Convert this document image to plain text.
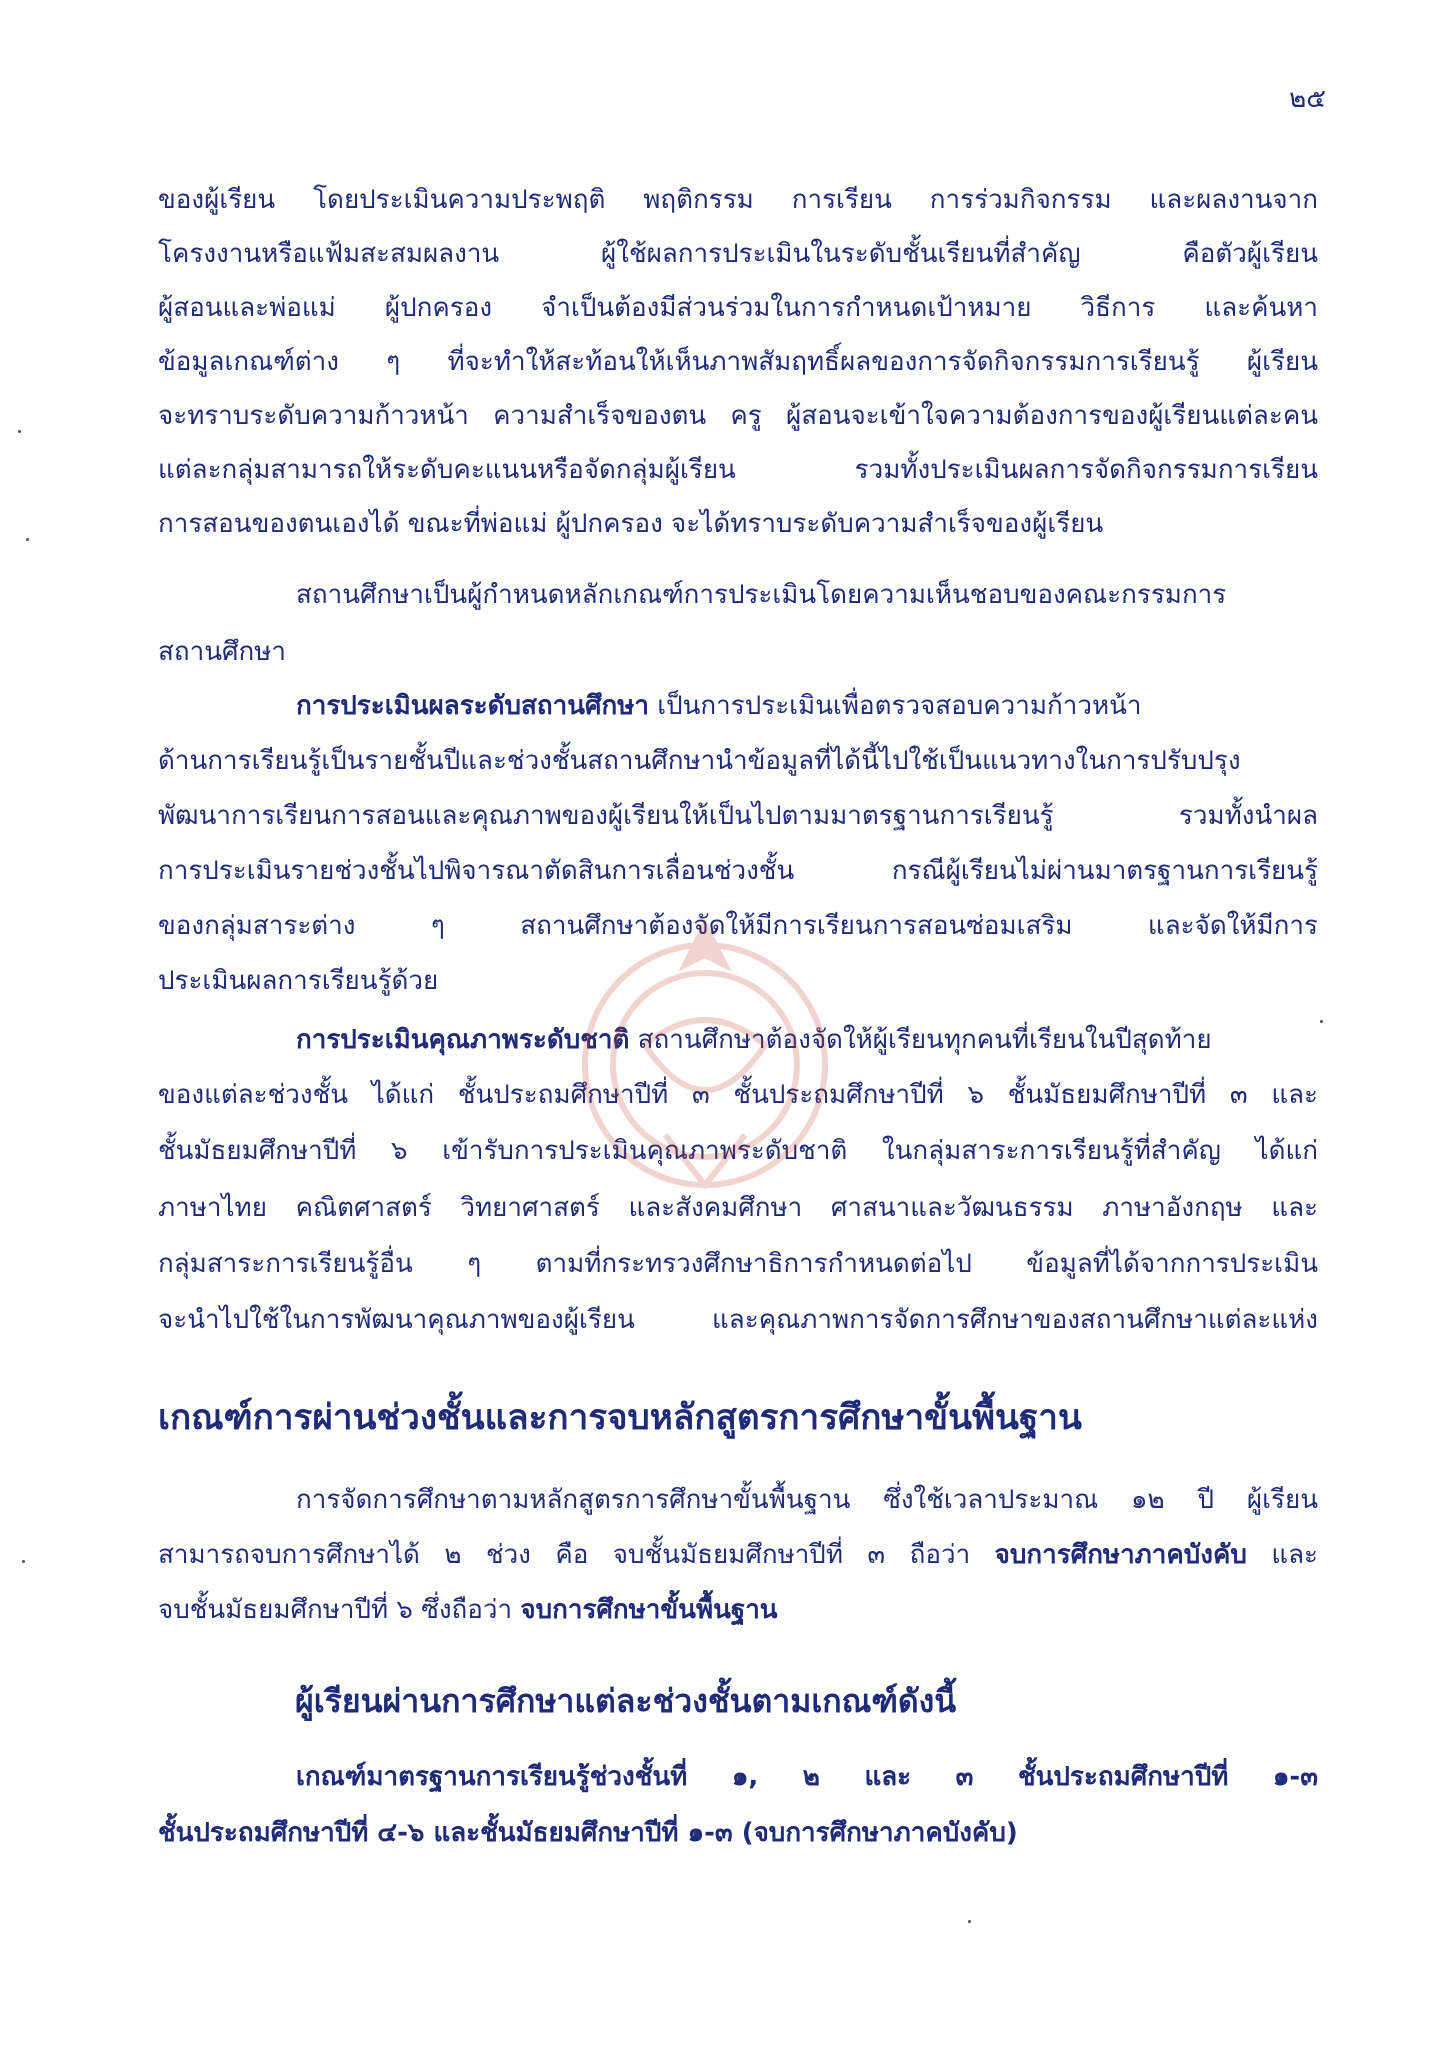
๒๕
ของผู้เรียน โดยประเมินความประพฤติ พฤติกรรม การเรียน การร่วมกิจกรรม และผลงานจาก
โครงงานหรือแฟ้มสะสมผลงาน ผู้ใช้ผลการประเมินในระดับชั้นเรียนที่สำคัญ คือตัวผู้เรียน
ผู้สอนและพ่อแม่ ผู้ปกครอง จำเป็นต้องมีส่วนร่วมในการกำหนดเป้าหมาย วิธีการ และค้นหา
ข้อมูลเกณฑ์ต่าง ๆ ที่จะทำให้สะท้อนให้เห็นภาพสัมฤทธิ์ผลของการจัดกิจกรรมการเรียนรู้ ผู้เรียน
จะทราบระดับความก้าวหน้า ความสำเร็จของตน ครู ผู้สอนจะเข้าใจความต้องการของผู้เรียนแต่ละคน
แต่ละกลุ่มสามารถให้ระดับคะแนนหรือจัดกลุ่มผู้เรียน รวมทั้งประเมินผลการจัดกิจกรรมการเรียน
การสอนของตนเองได้ ขณะที่พ่อแม่ ผู้ปกครอง จะได้ทราบระดับความสำเร็จของผู้เรียน
สถานศึกษาเป็นผู้กำหนดหลักเกณฑ์การประเมินโดยความเห็นชอบของคณะกรรมการ
สถานศึกษา
การประเมินผลระดับสถานศึกษา เป็นการประเมินเพื่อตรวจสอบความก้าวหน้า
ด้านการเรียนรู้เป็นรายชั้นปีและช่วงชั้นสถานศึกษานำข้อมูลที่ได้นี้ไปใช้เป็นแนวทางในการปรับปรุง
พัฒนาการเรียนการสอนและคุณภาพของผู้เรียนให้เป็นไปตามมาตรฐานการเรียนรู้ รวมทั้งนำผล
การประเมินรายช่วงชั้นไปพิจารณาตัดสินการเลื่อนช่วงชั้น กรณีผู้เรียนไม่ผ่านมาตรฐานการเรียนรู้
ของกลุ่มสาระต่าง ๆ สถานศึกษาต้องจัดให้มีการเรียนการสอนซ่อมเสริม และจัดให้มีการ
ประเมินผลการเรียนรู้ด้วย
การประเมินคุณภาพระดับชาติ สถานศึกษาต้องจัดให้ผู้เรียนทุกคนที่เรียนในปีสุดท้าย
ของแต่ละช่วงชั้น ได้แก่ ชั้นประถมศึกษาปีที่ ๓ ชั้นประถมศึกษาปีที่ ๖ ชั้นมัธยมศึกษาปีที่ ๓ และ
ชั้นมัธยมศึกษาปีที่ ๖ เข้ารับการประเมินคุณภาพระดับชาติ ในกลุ่มสาระการเรียนรู้ที่สำคัญ ได้แก่
ภาษาไทย คณิตศาสตร์ วิทยาศาสตร์ และสังคมศึกษา ศาสนาและวัฒนธรรม ภาษาอังกฤษ และ
กลุ่มสาระการเรียนรู้อื่น ๆ ตามที่กระทรวงศึกษาธิการกำหนดต่อไป ข้อมูลที่ได้จากการประเมิน
จะนำไปใช้ในการพัฒนาคุณภาพของผู้เรียน และคุณภาพการจัดการศึกษาของสถานศึกษาแต่ละแห่ง
เกณฑ์การผ่านช่วงชั้นและการจบหลักสูตรการศึกษาขั้นพื้นฐาน
การจัดการศึกษาตามหลักสูตรการศึกษาขั้นพื้นฐาน ซึ่งใช้เวลาประมาณ ๑๒ ปี ผู้เรียน
สามารถจบการศึกษาได้ ๒ ช่วง คือ จบชั้นมัธยมศึกษาปีที่ ๓ ถือว่า จบการศึกษาภาคบังคับ และ
จบชั้นมัธยมศึกษาปีที่ ๖ ซึ่งถือว่า จบการศึกษาขั้นพื้นฐาน
ผู้เรียนผ่านการศึกษาแต่ละช่วงชั้นตามเกณฑ์ดังนี้
เกณฑ์มาตรฐานการเรียนรู้ช่วงชั้นที่ ๑, ๒ และ ๓ ชั้นประถมศึกษาปีที่ ๑-๓
ชั้นประถมศึกษาปีที่ ๔-๖ และชั้นมัธยมศึกษาปีที่ ๑-๓ (จบการศึกษาภาคบังคับ)
